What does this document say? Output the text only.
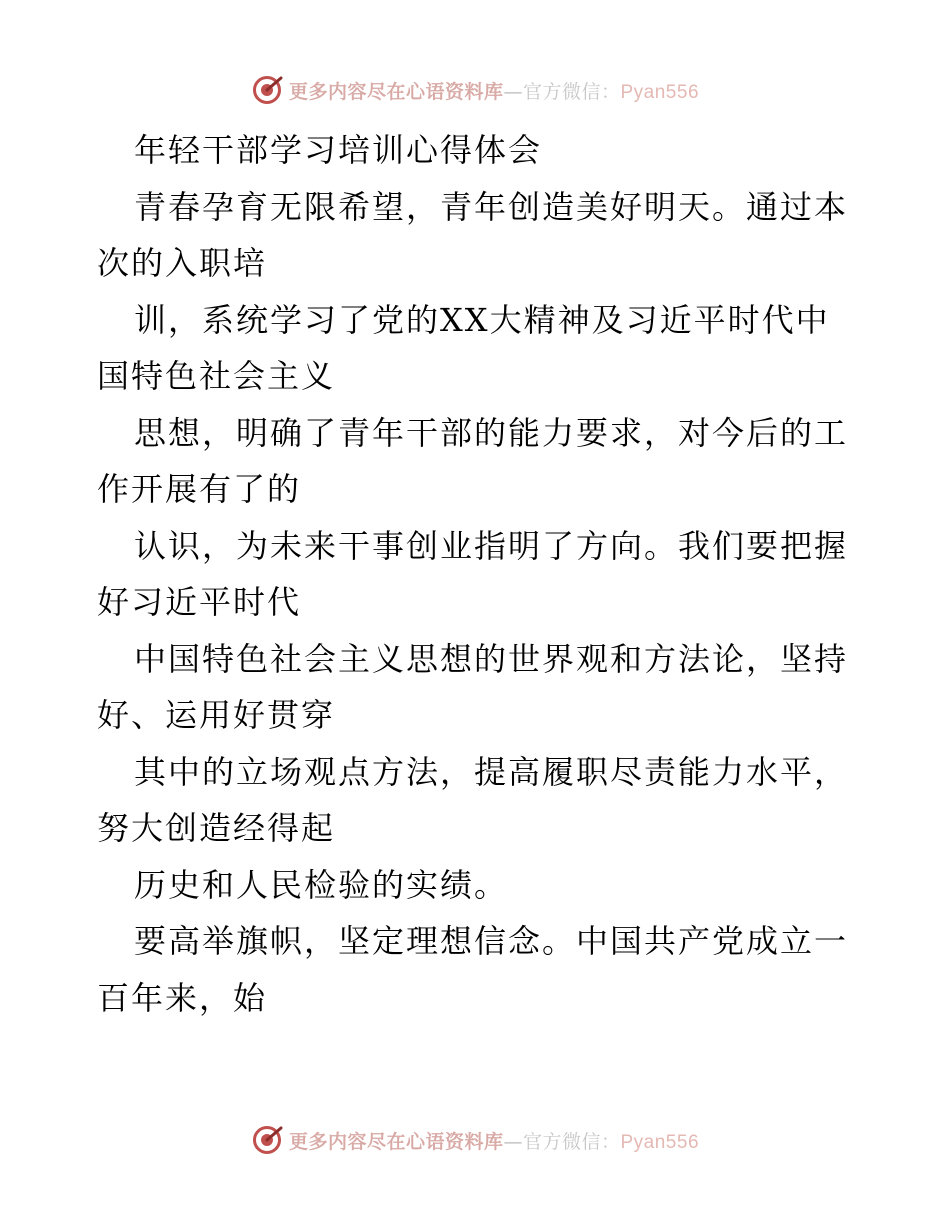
更多内容尽在心语资料库—官方微信：Pyan556
年轻干部学习培训心得体会
青春孕育无限希望，青年创造美好明天。通过本
次的入职培
训，系统学习了党的XX大精神及习近平时代中
国特色社会主义
思想，明确了青年干部的能力要求，对今后的工
作开展有了的
认识，为未来干事创业指明了方向。我们要把握
好习近平时代
中国特色社会主义思想的世界观和方法论，坚持
好、运用好贯穿
其中的立场观点方法，提高履职尽责能力水平，
努大创造经得起
历史和人民检验的实绩。
要高举旗帜，坚定理想信念。中国共产党成立一
百年来，始
更多内容尽在心语资料库—官方微信：Pyan556
